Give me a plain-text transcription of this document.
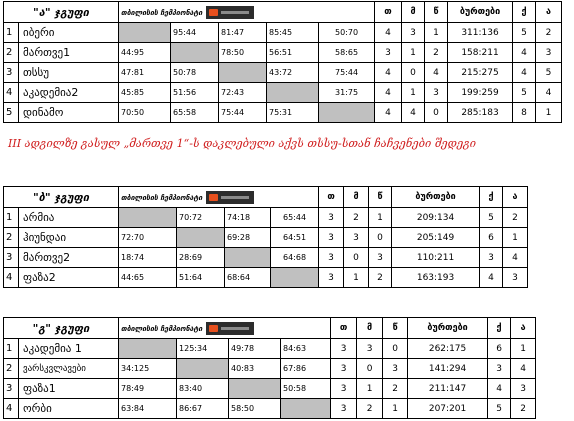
"ა" ჯგუფი		თბილისის ჩემპიონატი					თ	მ	წ	ბურთები	ქ	ა
1	იბერი		95:44	81:47	85:45	50:70	4	3	1	311:136	5	2
2	მართვე1	44:95		78:50	56:51	58:65	3	1	2	158:211	4	3
3	თსსუ	47:81	50:78		43:72	75:44	4	0	4	215:275	4	5
4	აკადემია2	45:85	51:56	72:43		31:75	4	1	3	199:259	5	4
5	დინამო	70:50	65:58	75:44	75:31		4	4	0	285:183	8	1
III ადგილზე გასულ „მართვე 1“-ს დაკლებული აქვს თსსუ-სთან ჩაჩვენები შედეგი
"ბ" ჯგუფი		თბილისის ჩემპიონატი				თ	მ	წ	ბურთები	ქ	ა
1	არმია		70:72	74:18	65:44	3	2	1	209:134	5	2
2	ჰიუნდაი	72:70		69:28	64:51	3	3	0	205:149	6	1
3	მართვე2	18:74	28:69		64:68	3	0	3	110:211	3	4
4	ფაზა2	44:65	51:64	68:64		3	1	2	163:193	4	3
"გ" ჯგუფი		თბილისის ჩემპიონატი				თ	მ	წ	ბურთები	ქ	ა
1	აკადემია 1		125:34	49:78	84:63	3	3	0	262:175	6	1
2	ვარსკვლავები	34:125		40:83	67:86	3	0	3	141:294	3	4
3	ფაზა1	78:49	83:40		50:58	3	1	2	211:147	4	3
4	ორბი	63:84	86:67	58:50		3	2	1	207:201	5	2
